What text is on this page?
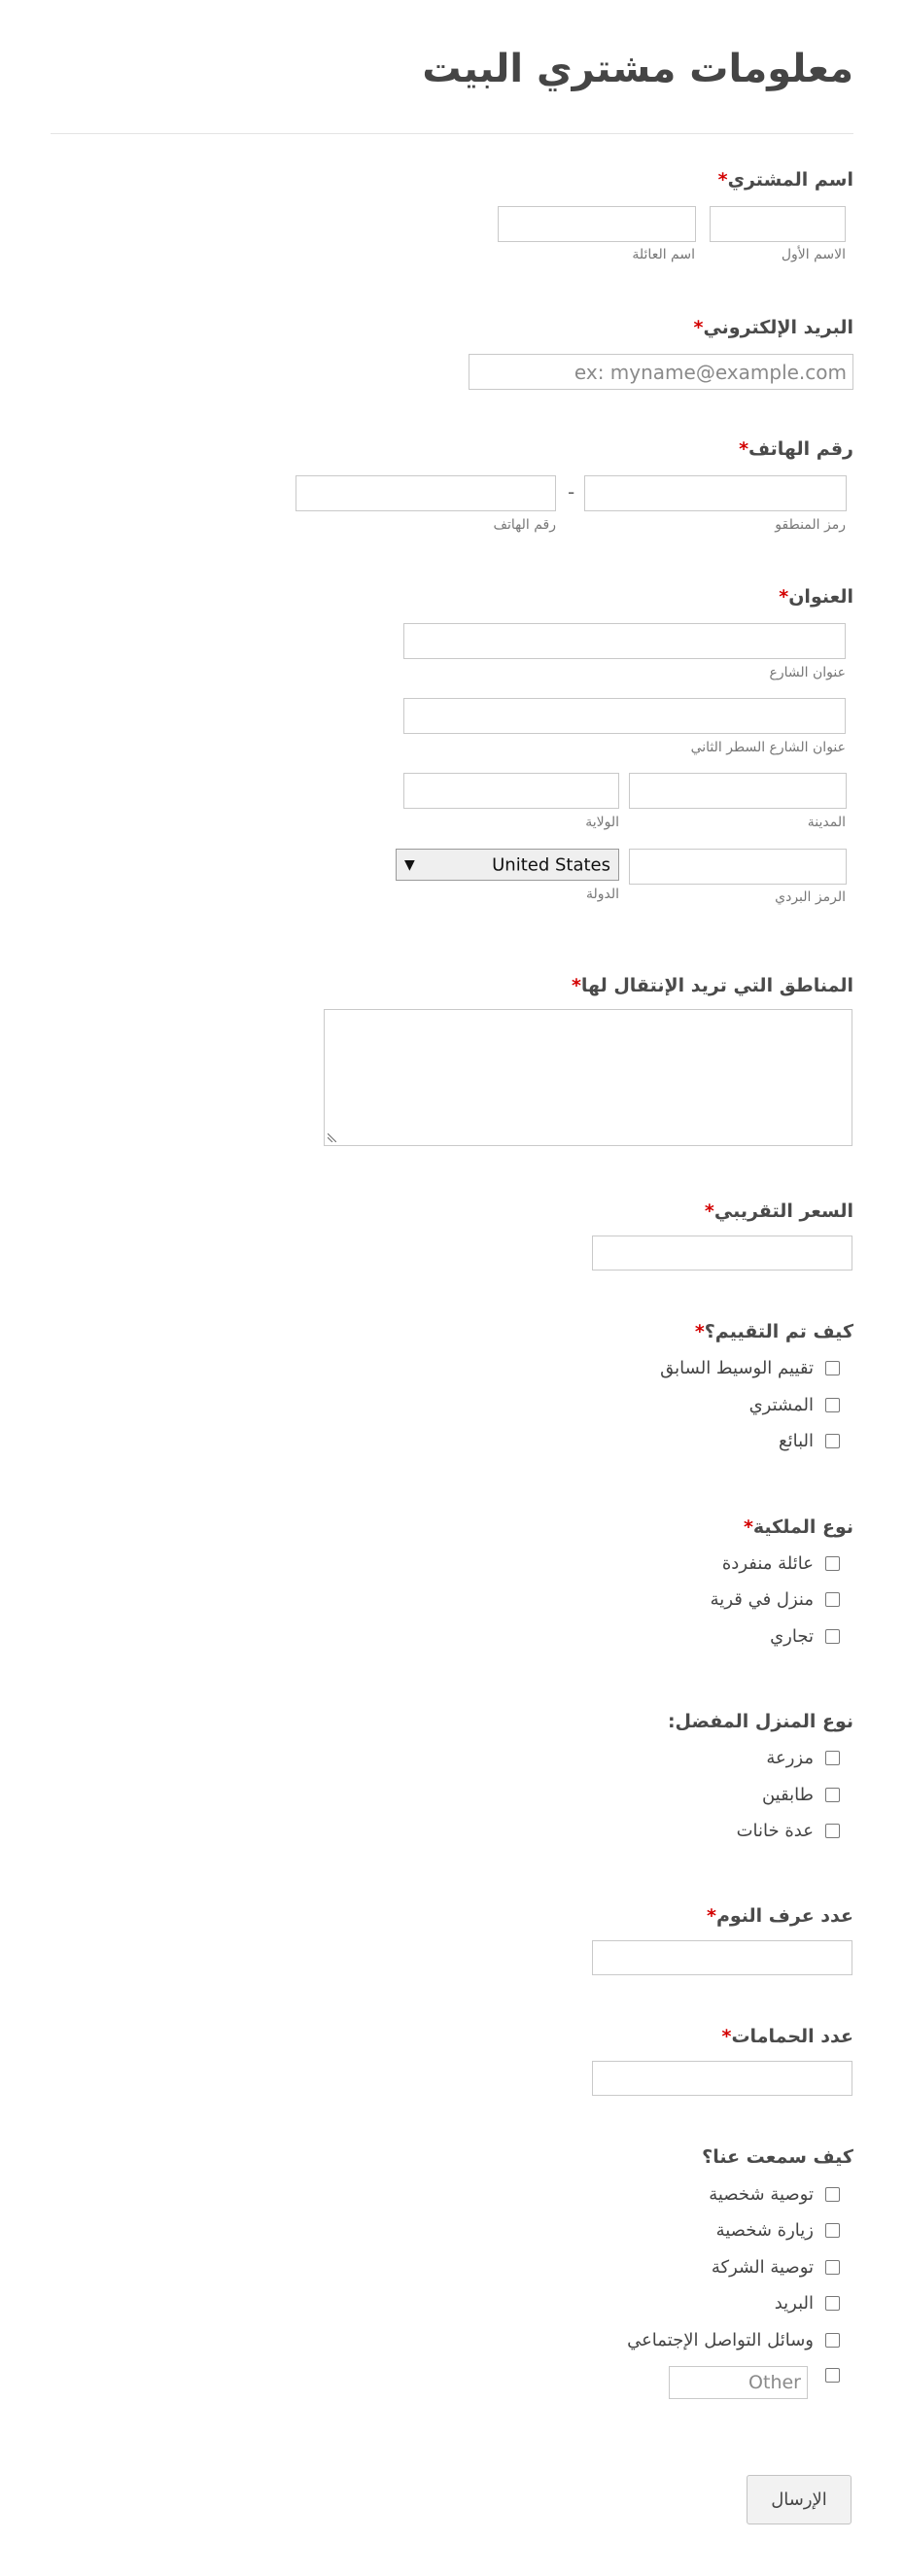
معلومات مشتري البيت
اسم المشتري*
الاسم الأول
اسم العائلة
البريد الإلكتروني*
ex: myname@example.com
رقم الهاتف*
رمز المنطقو
-
رقم الهاتف
العنوان*
عنوان الشارع
عنوان الشارع السطر الثاني
المدينة
الولاية
الرمز البردي
United States
▼
الدولة
المناطق التي تريد الإنتقال لها*
السعر التقريبي*
كيف تم التقييم؟*
تقييم الوسيط السابق
المشتري
البائع
نوع الملكية*
عائلة منفردة
منزل في قرية
تجاري
نوع المنزل المفضل:
مزرعة
طابقين
عدة خانات
عدد عرف النوم*
عدد الحمامات*
كيف سمعت عنا؟
توصية شخصية
زيارة شخصية
توصية الشركة
البريد
وسائل التواصل الإجتماعي
Other
الإرسال
